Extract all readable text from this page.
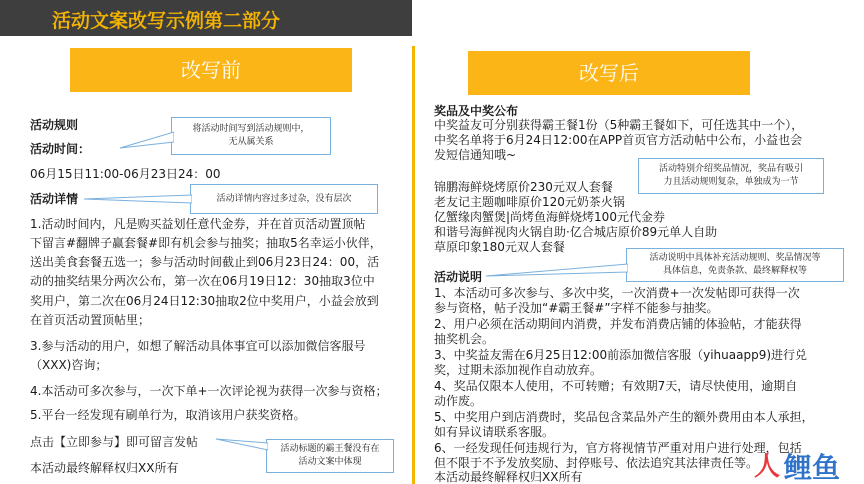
活动文案改写示例第二部分
改写前	改写后
活动规则
活动时间：
06月15日11:00-06月23日24：00
活动详情
1.活动时间内，凡是购买益划任意代金券，并在首页活动置顶帖
下留言#翻牌子赢套餐#即有机会参与抽奖；抽取5名幸运小伙伴，
送出美食套餐五选一；参与活动时间截止到06月23日24：00，活
动的抽奖结果分两次公布，第一次在06月19日12：30抽取3位中
奖用户，第二次在06月24日12:30抽取2位中奖用户，小益会放到
在首页活动置顶帖里；
3.参与活动的用户，如想了解活动具体事宜可以添加微信客服号
（XXX)咨询；
4.本活动可多次参与，一次下单+一次评论视为获得一次参与资格；
5.平台一经发现有刷单行为，取消该用户获奖资格。
点击【立即参与】即可留言发帖
本活动最终解释权归XX所有
将活动时间写到活动规则中，
无从属关系
活动详情内容过多过杂，没有层次
活动标题的霸王餐没有在
活动文案中体现
奖品及中奖公布
中奖益友可分别获得霸王餐1份（5种霸王餐如下，可任选其中一个），
中奖名单将于6月24日12:00在APP首页官方活动帖中公布，小益也会
发短信通知哦~
锦鹏海鲜烧烤原价230元双人套餐
老友记主题咖啡原价120元奶茶火锅
亿蟹缘肉蟹煲|尚烤鱼海鲜烧烤100元代金券
和谐号海鲜视肉火锅自助·亿合城店原价89元单人自助
草原印象180元双人套餐
活动说明
1、本活动可多次参与、多次中奖，一次消费+一次发帖即可获得一次
参与资格，帖子没加“#霸王餐#”字样不能参与抽奖。
2、用户必须在活动期间内消费，并发布消费店铺的体验帖，才能获得
抽奖机会。
3、中奖益友需在6月25日12:00前添加微信客服（yihuaapp9)进行兑
奖，过期未添加视作自动放弃。
4、奖品仅限本人使用，不可转赠；有效期7天，请尽快使用，逾期自
动作废。
5、中奖用户到店消费时，奖品包含菜品外产生的额外费用由本人承担，
如有异议请联系客服。
6、一经发现任何违规行为，官方将视情节严重对用户进行处理，包括
但不限于不予发放奖励、封停账号、依法追究其法律责任等。
本活动最终解释权归XX所有
活动特别介绍奖品情况，奖品有吸引
力且活动规则复杂，单独成为一节
活动说明中具体补充活动规则、奖品情况等
具体信息，免责条款、最终解释权等
人 鲤鱼
